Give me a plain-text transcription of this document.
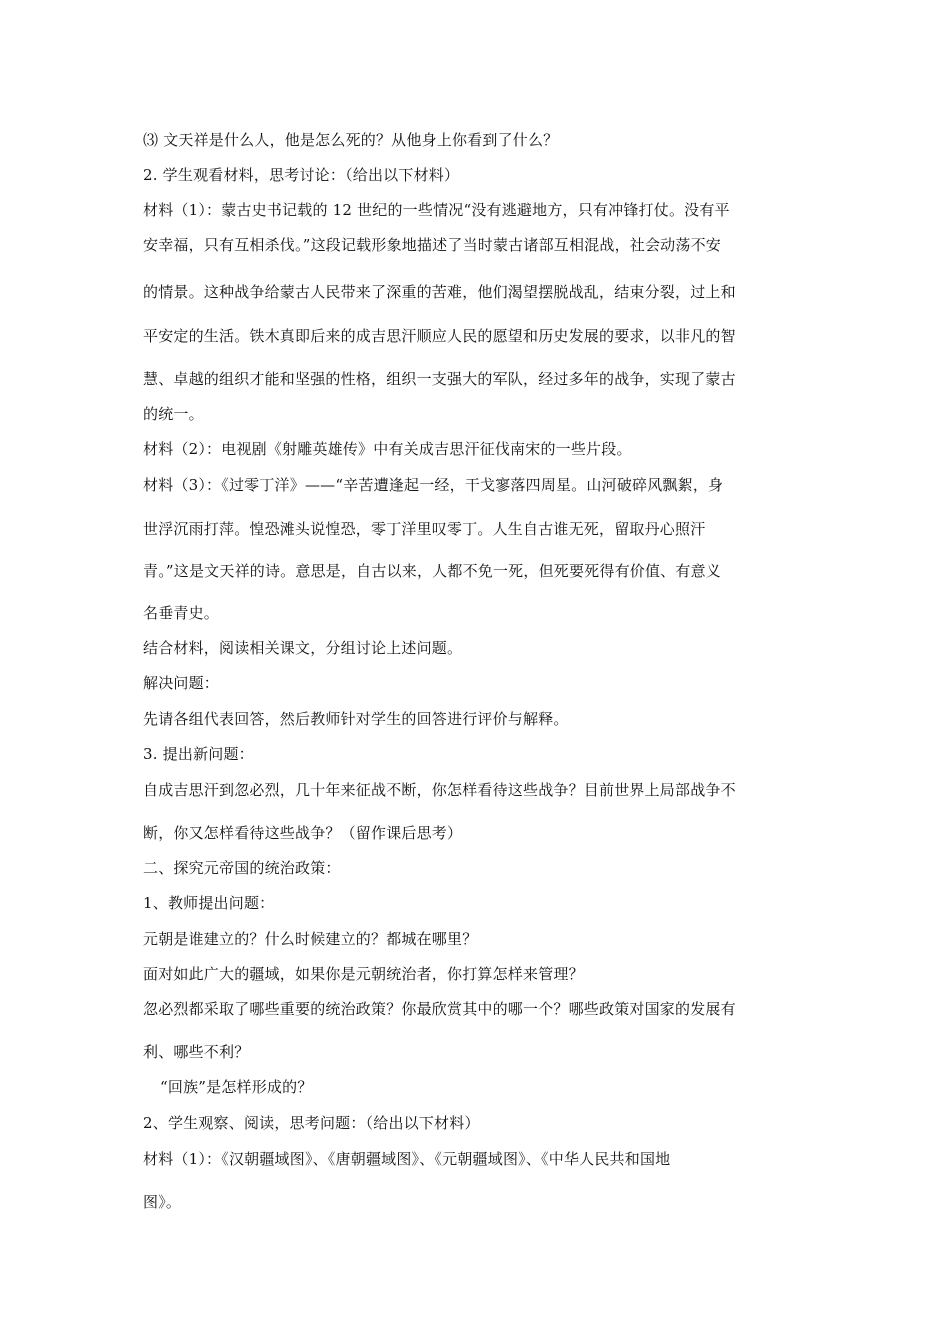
⑶ 文天祥是什么人，他是怎么死的？从他身上你看到了什么？
2. 学生观看材料，思考讨论：（给出以下材料）
材料（1）：蒙古史书记载的 12 世纪的一些情况“没有逃避地方，只有冲锋打仗。没有平
安幸福，只有互相杀伐。”这段记载形象地描述了当时蒙古诸部互相混战，社会动荡不安
的情景。这种战争给蒙古人民带来了深重的苦难，他们渴望摆脱战乱，结束分裂，过上和
平安定的生活。铁木真即后来的成吉思汗顺应人民的愿望和历史发展的要求，以非凡的智
慧、卓越的组织才能和坚强的性格，组织一支强大的军队，经过多年的战争，实现了蒙古
的统一。
材料（2）：电视剧《射雕英雄传》中有关成吉思汗征伐南宋的一些片段。
材料（3）：《过零丁洋》——“辛苦遭逢起一经，干戈寥落四周星。山河破碎风飘絮，身
世浮沉雨打萍。惶恐滩头说惶恐，零丁洋里叹零丁。人生自古谁无死，留取丹心照汗
青。”这是文天祥的诗。意思是，自古以来，人都不免一死，但死要死得有价值、有意义
名垂青史。
结合材料，阅读相关课文，分组讨论上述问题。
解决问题：
先请各组代表回答，然后教师针对学生的回答进行评价与解释。
3. 提出新问题：
自成吉思汗到忽必烈，几十年来征战不断，你怎样看待这些战争？目前世界上局部战争不
断，你又怎样看待这些战争？（留作课后思考）
二、探究元帝国的统治政策：
1、教师提出问题：
元朝是谁建立的？什么时候建立的？都城在哪里？
面对如此广大的疆域，如果你是元朝统治者，你打算怎样来管理？
忽必烈都采取了哪些重要的统治政策？你最欣赏其中的哪一个？哪些政策对国家的发展有
利、哪些不利？
“回族”是怎样形成的？
2、学生观察、阅读，思考问题：（给出以下材料）
材料（1）：《汉朝疆域图》、《唐朝疆域图》、《元朝疆域图》、《中华人民共和国地
图》。
